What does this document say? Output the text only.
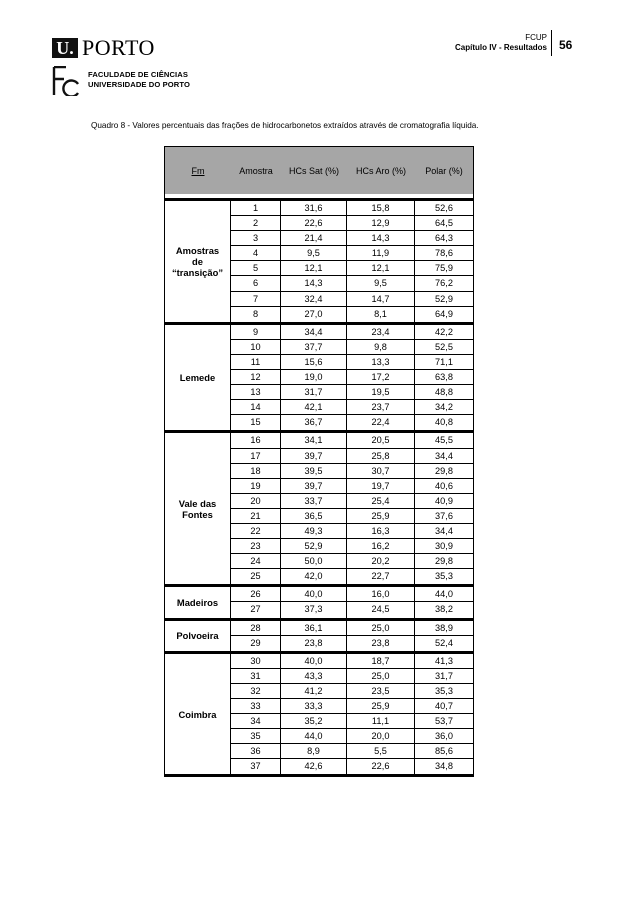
U. PORTO
FACULDADE DE CIÊNCIAS
UNIVERSIDADE DO PORTO
FCUP
Capítulo IV - Resultados 56
Quadro 8 - Valores percentuais das frações de hidrocarbonetos extraídos através de cromatografia líquida.
Fm	Amostra	HCs Sat (%)	HCs Aro (%)	Polar (%)
Amostras
de
“transição”
1	31,6	15,8	52,6
2	22,6	12,9	64,5
3	21,4	14,3	64,3
4	9,5	11,9	78,6
5	12,1	12,1	75,9
6	14,3	9,5	76,2
7	32,4	14,7	52,9
8	27,0	8,1	64,9
Lemede
9	34,4	23,4	42,2
10	37,7	9,8	52,5
11	15,6	13,3	71,1
12	19,0	17,2	63,8
13	31,7	19,5	48,8
14	42,1	23,7	34,2
15	36,7	22,4	40,8
Vale das
Fontes
16	34,1	20,5	45,5
17	39,7	25,8	34,4
18	39,5	30,7	29,8
19	39,7	19,7	40,6
20	33,7	25,4	40,9
21	36,5	25,9	37,6
22	49,3	16,3	34,4
23	52,9	16,2	30,9
24	50,0	20,2	29,8
25	42,0	22,7	35,3
Madeiros
26	40,0	16,0	44,0
27	37,3	24,5	38,2
Polvoeira
28	36,1	25,0	38,9
29	23,8	23,8	52,4
Coimbra
30	40,0	18,7	41,3
31	43,3	25,0	31,7
32	41,2	23,5	35,3
33	33,3	25,9	40,7
34	35,2	11,1	53,7
35	44,0	20,0	36,0
36	8,9	5,5	85,6
37	42,6	22,6	34,8
